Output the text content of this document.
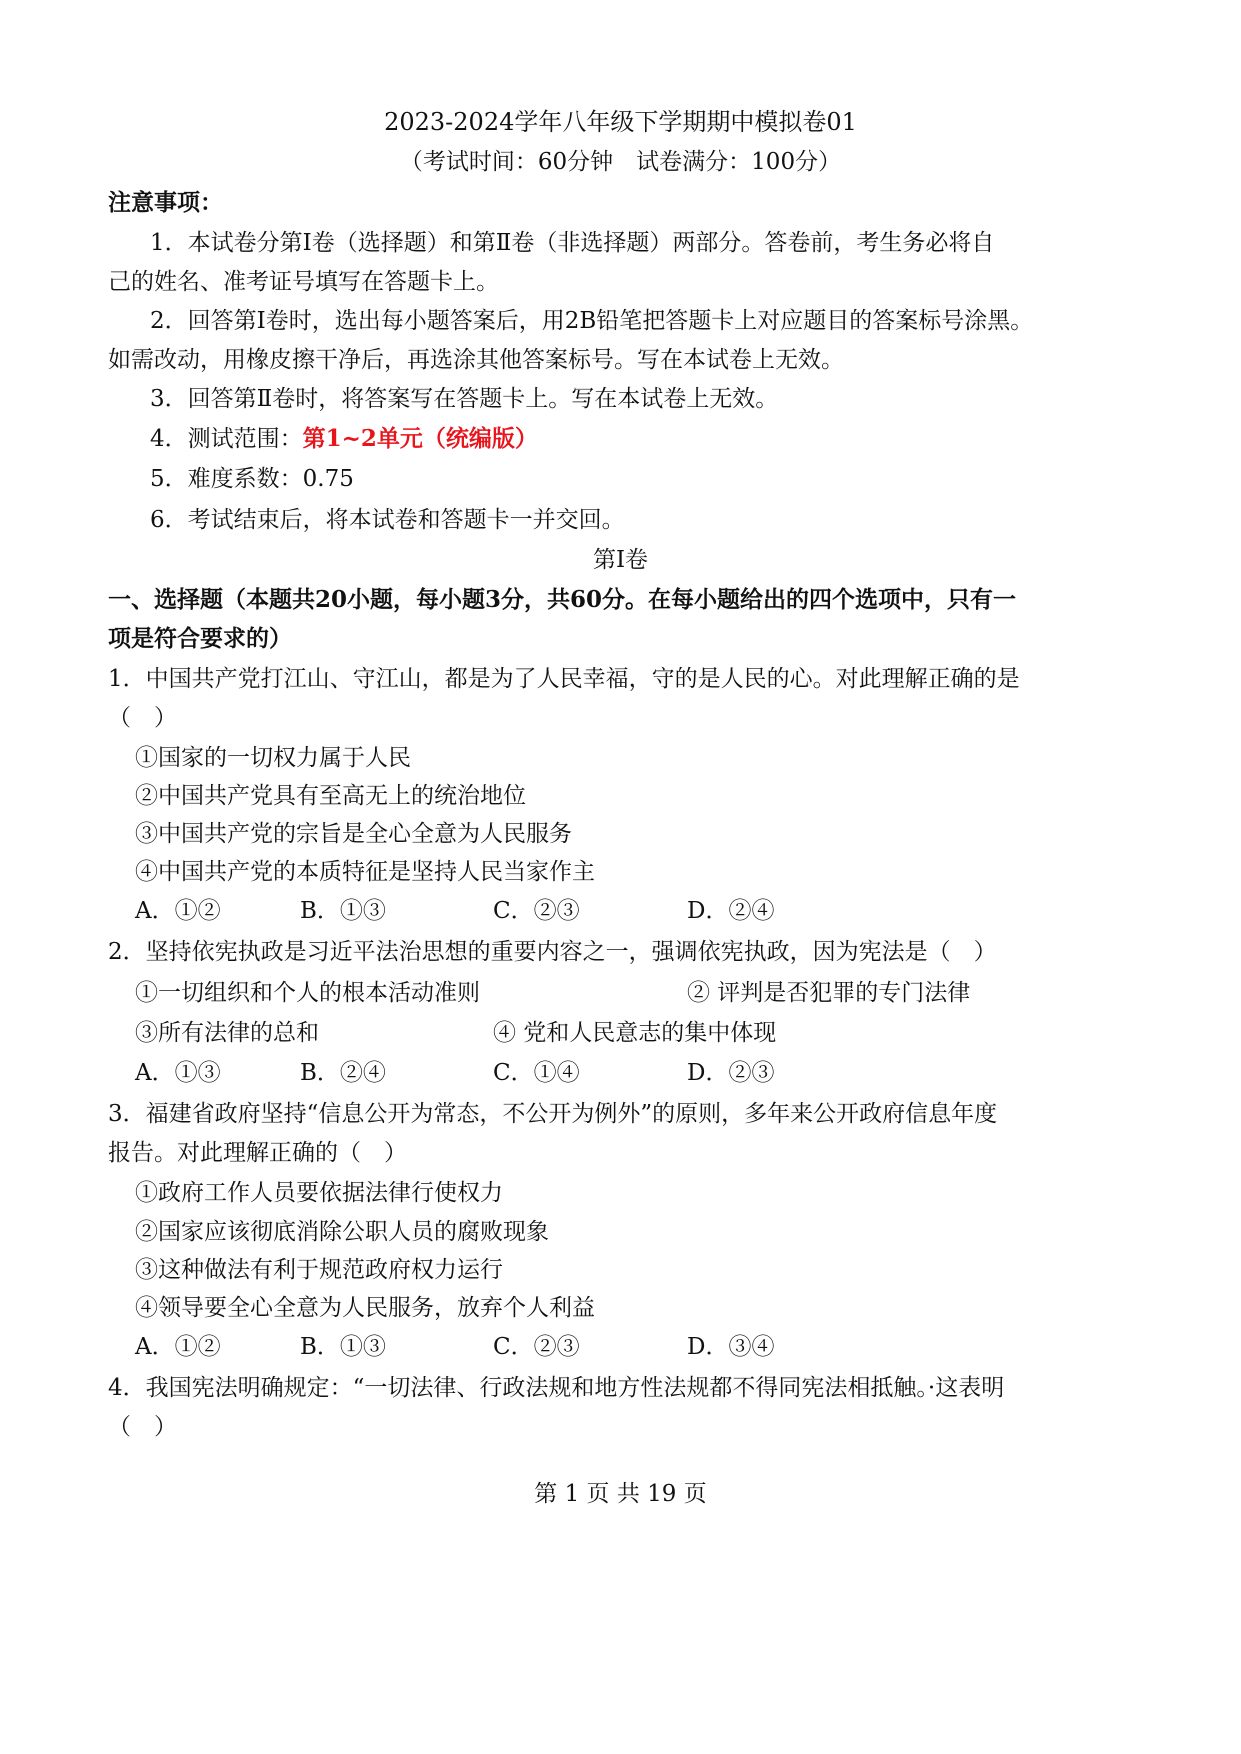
2023-2024学年八年级下学期期中模拟卷01
（考试时间：60分钟　试卷满分：100分）
注意事项：
1．本试卷分第Ⅰ卷（选择题）和第Ⅱ卷（非选择题）两部分。答卷前，考生务必将自
己的姓名、准考证号填写在答题卡上。
2．回答第Ⅰ卷时，选出每小题答案后，用2B铅笔把答题卡上对应题目的答案标号涂黑。
如需改动，用橡皮擦干净后，再选涂其他答案标号。写在本试卷上无效。
3．回答第Ⅱ卷时，将答案写在答题卡上。写在本试卷上无效。
4．测试范围：第1~2单元（统编版）
5．难度系数：0.75
6．考试结束后，将本试卷和答题卡一并交回。
第Ⅰ卷
一、选择题（本题共20小题，每小题3分，共60分。在每小题给出的四个选项中，只有一
项是符合要求的）
1．中国共产党打江山、守江山，都是为了人民幸福，守的是人民的心。对此理解正确的是
（　）
①国家的一切权力属于人民
②中国共产党具有至高无上的统治地位
③中国共产党的宗旨是全心全意为人民服务
④中国共产党的本质特征是坚持人民当家作主
A．①②	B．①③	C．②③	D．②④
2．坚持依宪执政是习近平法治思想的重要内容之一，强调依宪执政，因为宪法是（　）
①一切组织和个人的根本活动准则	② 评判是否犯罪的专门法律
③所有法律的总和	④ 党和人民意志的集中体现
A．①③	B．②④	C．①④	D．②③
3．福建省政府坚持“信息公开为常态，不公开为例外”的原则，多年来公开政府信息年度
报告。对此理解正确的（　）
①政府工作人员要依据法律行使权力
②国家应该彻底消除公职人员的腐败现象
③这种做法有利于规范政府权力运行
④领导要全心全意为人民服务，放弃个人利益
A．①②	B．①③	C．②③	D．③④
4．我国宪法明确规定：“一切法律、行政法规和地方性法规都不得同宪法相抵触。·这表明
（　）
第 1 页 共 19 页
